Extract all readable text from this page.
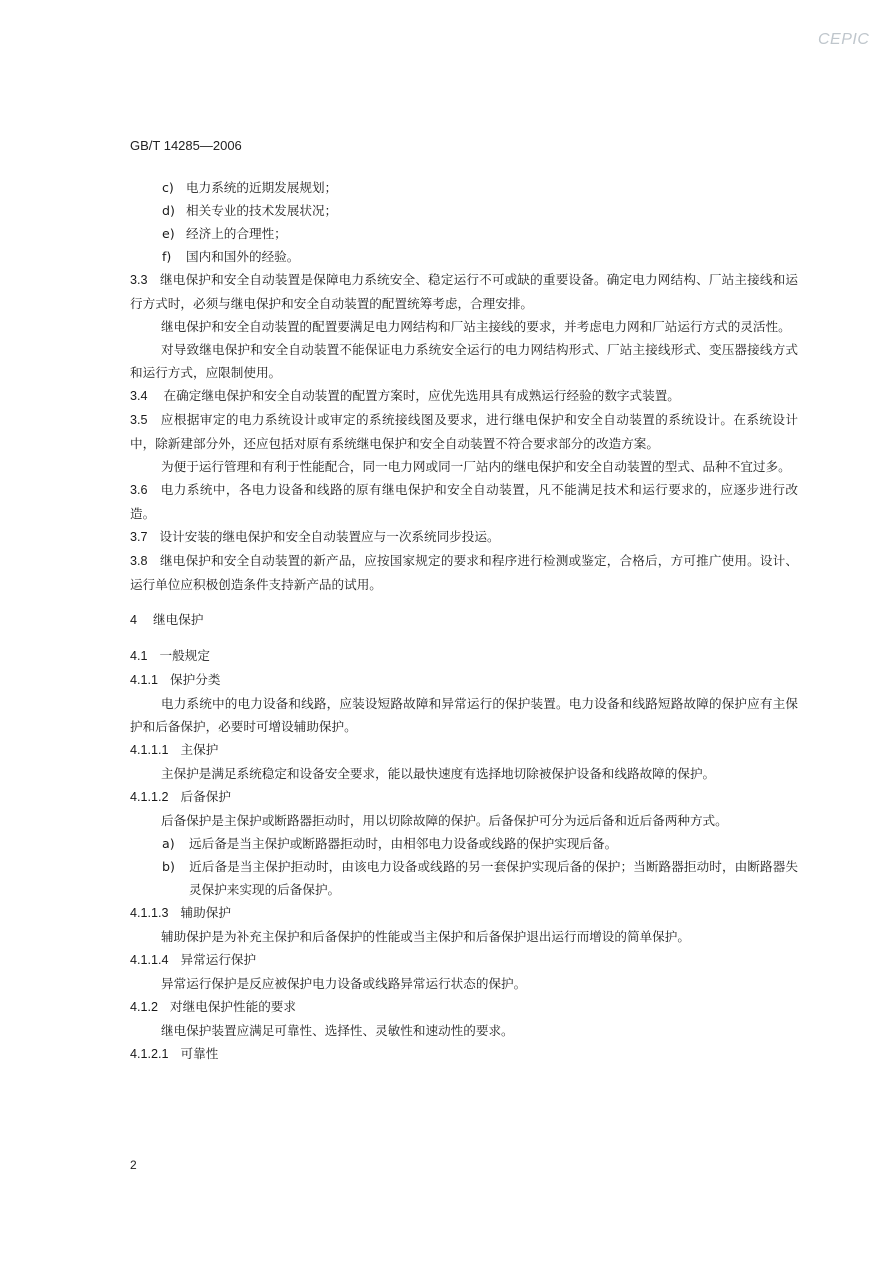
CEPIC
GB/T 14285—2006

c) 电力系统的近期发展规划；

d) 相关专业的技术发展状况；

e) 经济上的合理性；

f) 国内和国外的经验。

3.3 继电保护和安全自动装置是保障电力系统安全、稳定运行不可或缺的重要设备。确定电力网结构、厂站主接线和运行方式时，必须与继电保护和安全自动装置的配置统筹考虑，合理安排。

继电保护和安全自动装置的配置要满足电力网结构和厂站主接线的要求，并考虑电力网和厂站运行方式的灵活性。

对导致继电保护和安全自动装置不能保证电力系统安全运行的电力网结构形式、厂站主接线形式、变压器接线方式和运行方式，应限制使用。

3.4 在确定继电保护和安全自动装置的配置方案时，应优先选用具有成熟运行经验的数字式装置。

3.5 应根据审定的电力系统设计或审定的系统接线图及要求，进行继电保护和安全自动装置的系统设计。在系统设计中，除新建部分外，还应包括对原有系统继电保护和安全自动装置不符合要求部分的改造方案。

为便于运行管理和有利于性能配合，同一电力网或同一厂站内的继电保护和安全自动装置的型式、品种不宜过多。

3.6 电力系统中，各电力设备和线路的原有继电保护和安全自动装置，凡不能满足技术和运行要求的，应逐步进行改造。

3.7 设计安装的继电保护和安全自动装置应与一次系统同步投运。

3.8 继电保护和安全自动装置的新产品，应按国家规定的要求和程序进行检测或鉴定，合格后，方可推广使用。设计、运行单位应积极创造条件支持新产品的试用。

4 继电保护

4.1 一般规定

4.1.1 保护分类

电力系统中的电力设备和线路，应装设短路故障和异常运行的保护装置。电力设备和线路短路故障的保护应有主保护和后备保护，必要时可增设辅助保护。

4.1.1.1 主保护

主保护是满足系统稳定和设备安全要求，能以最快速度有选择地切除被保护设备和线路故障的保护。

4.1.1.2 后备保护

后备保护是主保护或断路器拒动时，用以切除故障的保护。后备保护可分为远后备和近后备两种方式。

a) 远后备是当主保护或断路器拒动时，由相邻电力设备或线路的保护实现后备。

b) 近后备是当主保护拒动时，由该电力设备或线路的另一套保护实现后备的保护；当断路器拒动时，由断路器失灵保护来实现的后备保护。

4.1.1.3 辅助保护

辅助保护是为补充主保护和后备保护的性能或当主保护和后备保护退出运行而增设的简单保护。

4.1.1.4 异常运行保护

异常运行保护是反应被保护电力设备或线路异常运行状态的保护。

4.1.2 对继电保护性能的要求

继电保护装置应满足可靠性、选择性、灵敏性和速动性的要求。

4.1.2.1 可靠性

2
